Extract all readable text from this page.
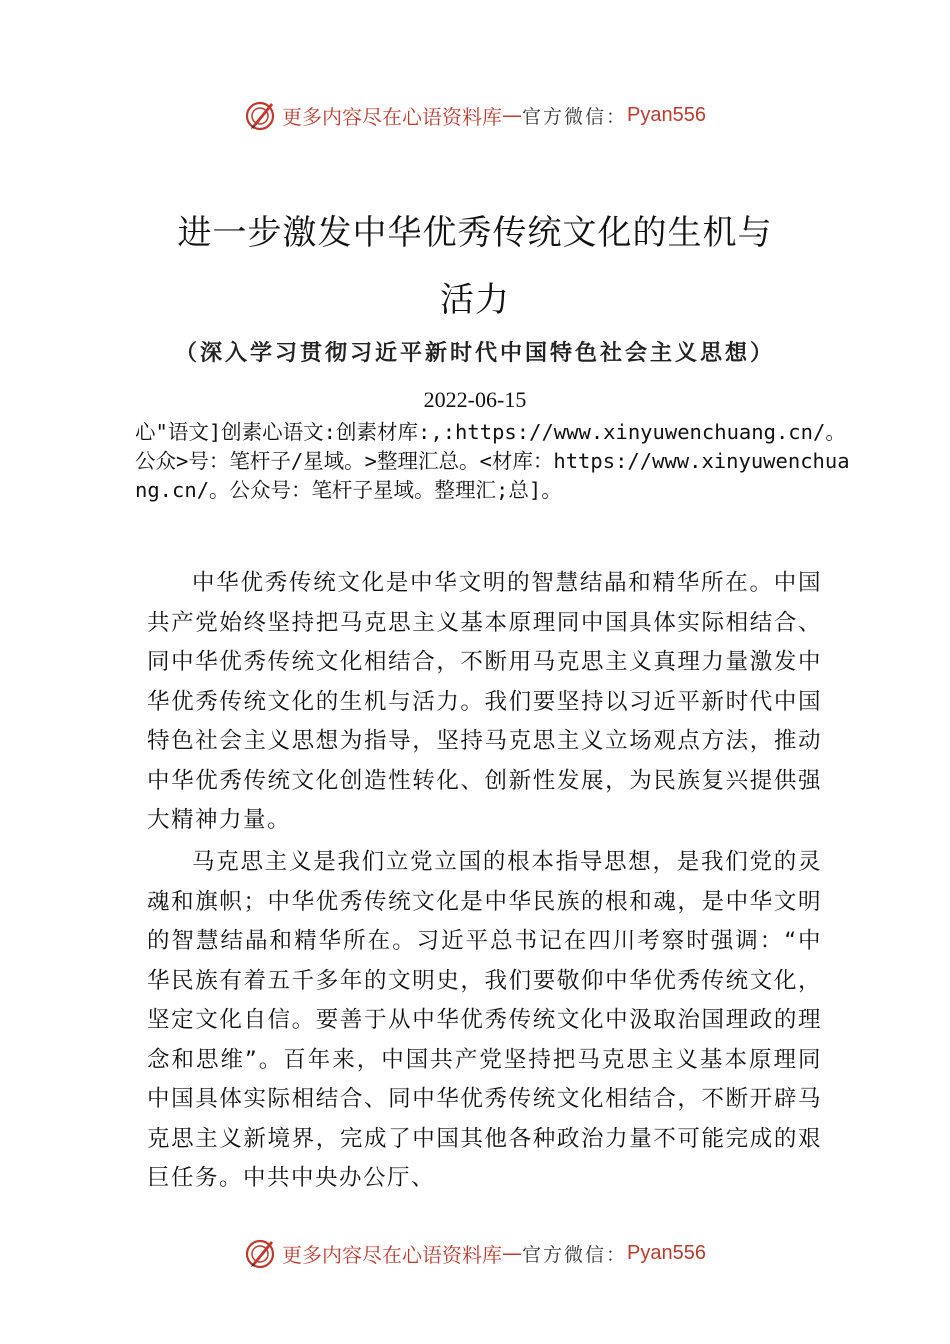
更多内容尽在心语资料库 — 官方微信： Pyan556
进一步激发中华优秀传统文化的生机与
活力
（深入学习贯彻习近平新时代中国特色社会主义思想）
2022-06-15
心"语文]创素心语文:创素材库:,:https://www.xinyuwenchuang.cn/。公众>号：笔杆子/星域。>整理汇总。<材库：https://www.xinyuwenchuang.cn/。公众号：笔杆子星域。整理汇;总]。
中华优秀传统文化是中华文明的智慧结晶和精华所在。中国共产党始终坚持把马克思主义基本原理同中国具体实际相结合、同中华优秀传统文化相结合，不断用马克思主义真理力量激发中华优秀传统文化的生机与活力。我们要坚持以习近平新时代中国特色社会主义思想为指导，坚持马克思主义立场观点方法，推动中华优秀传统文化创造性转化、创新性发展，为民族复兴提供强大精神力量。
马克思主义是我们立党立国的根本指导思想，是我们党的灵魂和旗帜；中华优秀传统文化是中华民族的根和魂，是中华文明的智慧结晶和精华所在。习近平总书记在四川考察时强调：“中华民族有着五千多年的文明史，我们要敬仰中华优秀传统文化，坚定文化自信。要善于从中华优秀传统文化中汲取治国理政的理念和思维”。百年来，中国共产党坚持把马克思主义基本原理同中国具体实际相结合、同中华优秀传统文化相结合，不断开辟马克思主义新境界，完成了中国其他各种政治力量不可能完成的艰巨任务。中共中央办公厅、
更多内容尽在心语资料库 — 官方微信： Pyan556
